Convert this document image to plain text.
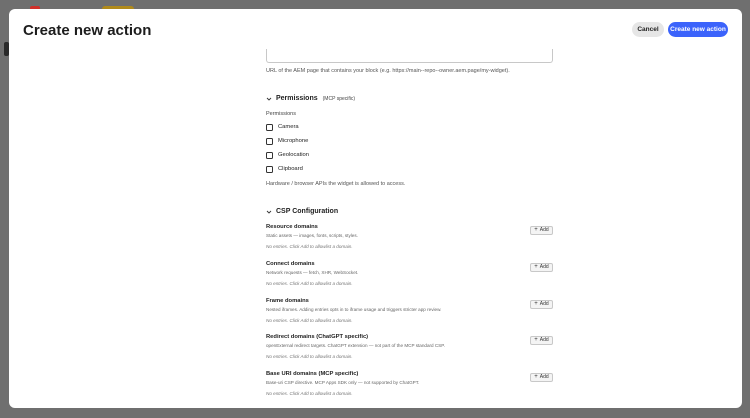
Create new action	Cancel	Create new action
URL of the AEM page that contains your block (e.g. https://main--repo--owner.aem.page/my-widget).
Permissions (MCP specific)
Permissions
Camera
Microphone
Geolocation
Clipboard
Hardware / browser APIs the widget is allowed to access.
CSP Configuration
Resource domains
Static assets — images, fonts, scripts, styles.
No entries. Click Add to allowlist a domain.
+ Add
Connect domains
Network requests — fetch, XHR, WebSocket.
No entries. Click Add to allowlist a domain.
+ Add
Frame domains
Nested iframes. Adding entries opts in to iframe usage and triggers stricter app review.
No entries. Click Add to allowlist a domain.
+ Add
Redirect domains (ChatGPT specific)
openExternal redirect targets. ChatGPT extension — not part of the MCP standard CSP.
No entries. Click Add to allowlist a domain.
+ Add
Base URI domains (MCP specific)
Base-uri CSP directive. MCP Apps SDK only — not supported by ChatGPT.
No entries. Click Add to allowlist a domain.
+ Add
